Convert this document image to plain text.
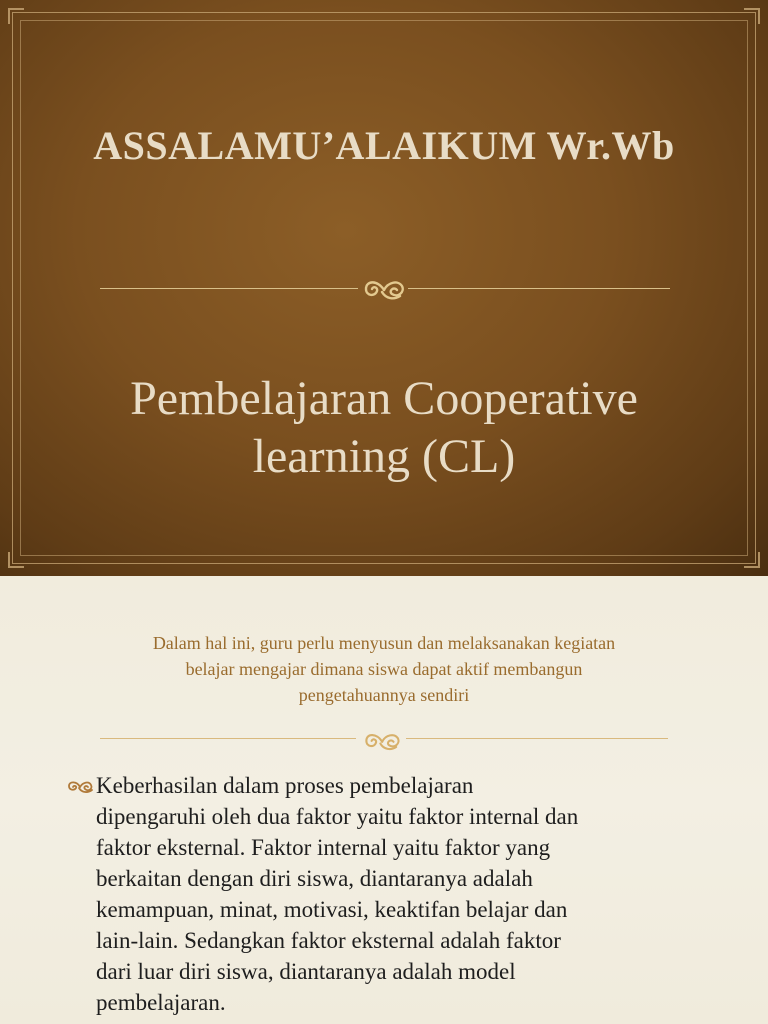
ASSALAMU’ALAIKUM Wr.Wb
Pembelajaran Cooperative
learning (CL)
Dalam hal ini, guru perlu menyusun dan melaksanakan kegiatan
belajar mengajar dimana siswa dapat aktif membangun
pengetahuannya sendiri
Keberhasilan dalam proses pembelajaran
dipengaruhi oleh dua faktor yaitu faktor internal dan
faktor eksternal. Faktor internal yaitu faktor yang
berkaitan dengan diri siswa, diantaranya adalah
kemampuan, minat, motivasi, keaktifan belajar dan
lain-lain. Sedangkan faktor eksternal adalah faktor
dari luar diri siswa, diantaranya adalah model
pembelajaran.
